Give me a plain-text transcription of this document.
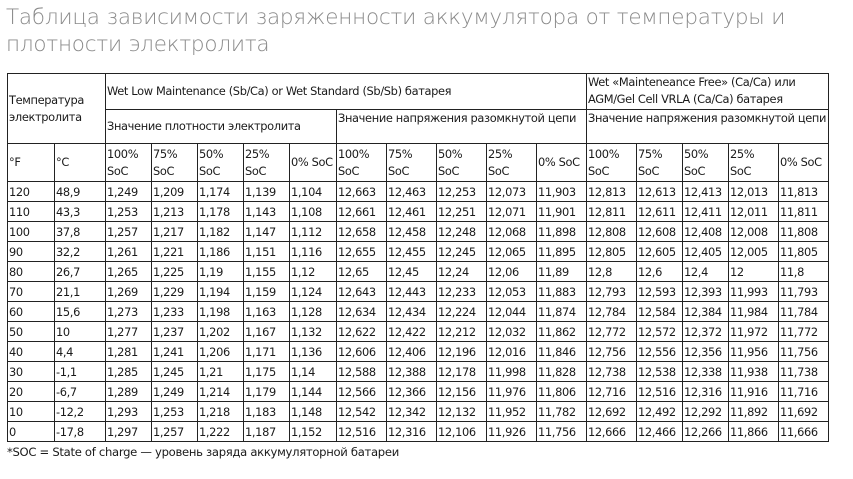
Таблица зависимости заряженности аккумулятора от температуры и плотности электролита
Температура электролита		Wet Low Maintenance (Sb/Ca) or Wet Standard (Sb/Sb) батарея										Wet «Mainteneance Free» (Ca/Ca) или AGM/Gel Cell VRLA (Ca/Ca) батарея				
		Значение плотности электролита					Значение напряжения разомкнутой цепи					Значение напряжения разомкнутой цепи				
°F	°C	100% SoC	75% SoC	50% SoC	25% SoC	0% SoC	100% SoC	75% SoC	50% SoC	25% SoC	0% SoC	100% SoC	75% SoC	50% SoC	25% SoC	0% SoC
120	48,9	1,249	1,209	1,174	1,139	1,104	12,663	12,463	12,253	12,073	11,903	12,813	12,613	12,413	12,013	11,813
110	43,3	1,253	1,213	1,178	1,143	1,108	12,661	12,461	12,251	12,071	11,901	12,811	12,611	12,411	12,011	11,811
100	37,8	1,257	1,217	1,182	1,147	1,112	12,658	12,458	12,248	12,068	11,898	12,808	12,608	12,408	12,008	11,808
90	32,2	1,261	1,221	1,186	1,151	1,116	12,655	12,455	12,245	12,065	11,895	12,805	12,605	12,405	12,005	11,805
80	26,7	1,265	1,225	1,19	1,155	1,12	12,65	12,45	12,24	12,06	11,89	12,8	12,6	12,4	12	11,8
70	21,1	1,269	1,229	1,194	1,159	1,124	12,643	12,443	12,233	12,053	11,883	12,793	12,593	12,393	11,993	11,793
60	15,6	1,273	1,233	1,198	1,163	1,128	12,634	12,434	12,224	12,044	11,874	12,784	12,584	12,384	11,984	11,784
50	10	1,277	1,237	1,202	1,167	1,132	12,622	12,422	12,212	12,032	11,862	12,772	12,572	12,372	11,972	11,772
40	4,4	1,281	1,241	1,206	1,171	1,136	12,606	12,406	12,196	12,016	11,846	12,756	12,556	12,356	11,956	11,756
30	-1,1	1,285	1,245	1,21	1,175	1,14	12,588	12,388	12,178	11,998	11,828	12,738	12,538	12,338	11,938	11,738
20	-6,7	1,289	1,249	1,214	1,179	1,144	12,566	12,366	12,156	11,976	11,806	12,716	12,516	12,316	11,916	11,716
10	-12,2	1,293	1,253	1,218	1,183	1,148	12,542	12,342	12,132	11,952	11,782	12,692	12,492	12,292	11,892	11,692
0	-17,8	1,297	1,257	1,222	1,187	1,152	12,516	12,316	12,106	11,926	11,756	12,666	12,466	12,266	11,866	11,666
*SOC = State of charge — уровень заряда аккумуляторной батареи
